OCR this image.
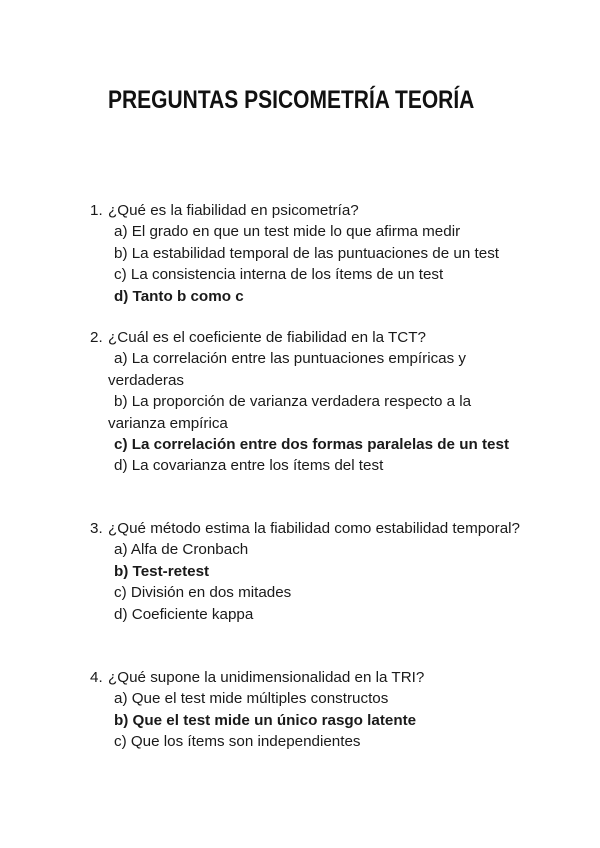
PREGUNTAS PSICOMETRÍA TEORÍA
1. ¿Qué es la fiabilidad en psicometría?
a) El grado en que un test mide lo que afirma medir
b) La estabilidad temporal de las puntuaciones de un test
c) La consistencia interna de los ítems de un test
d) Tanto b como c
2. ¿Cuál es el coeficiente de fiabilidad en la TCT?
a) La correlación entre las puntuaciones empíricas y verdaderas
b) La proporción de varianza verdadera respecto a la varianza empírica
c) La correlación entre dos formas paralelas de un test
d) La covarianza entre los ítems del test
3. ¿Qué método estima la fiabilidad como estabilidad temporal?
a) Alfa de Cronbach
b) Test-retest
c) División en dos mitades
d) Coeficiente kappa
4. ¿Qué supone la unidimensionalidad en la TRI?
a) Que el test mide múltiples constructos
b) Que el test mide un único rasgo latente
c) Que los ítems son independientes
